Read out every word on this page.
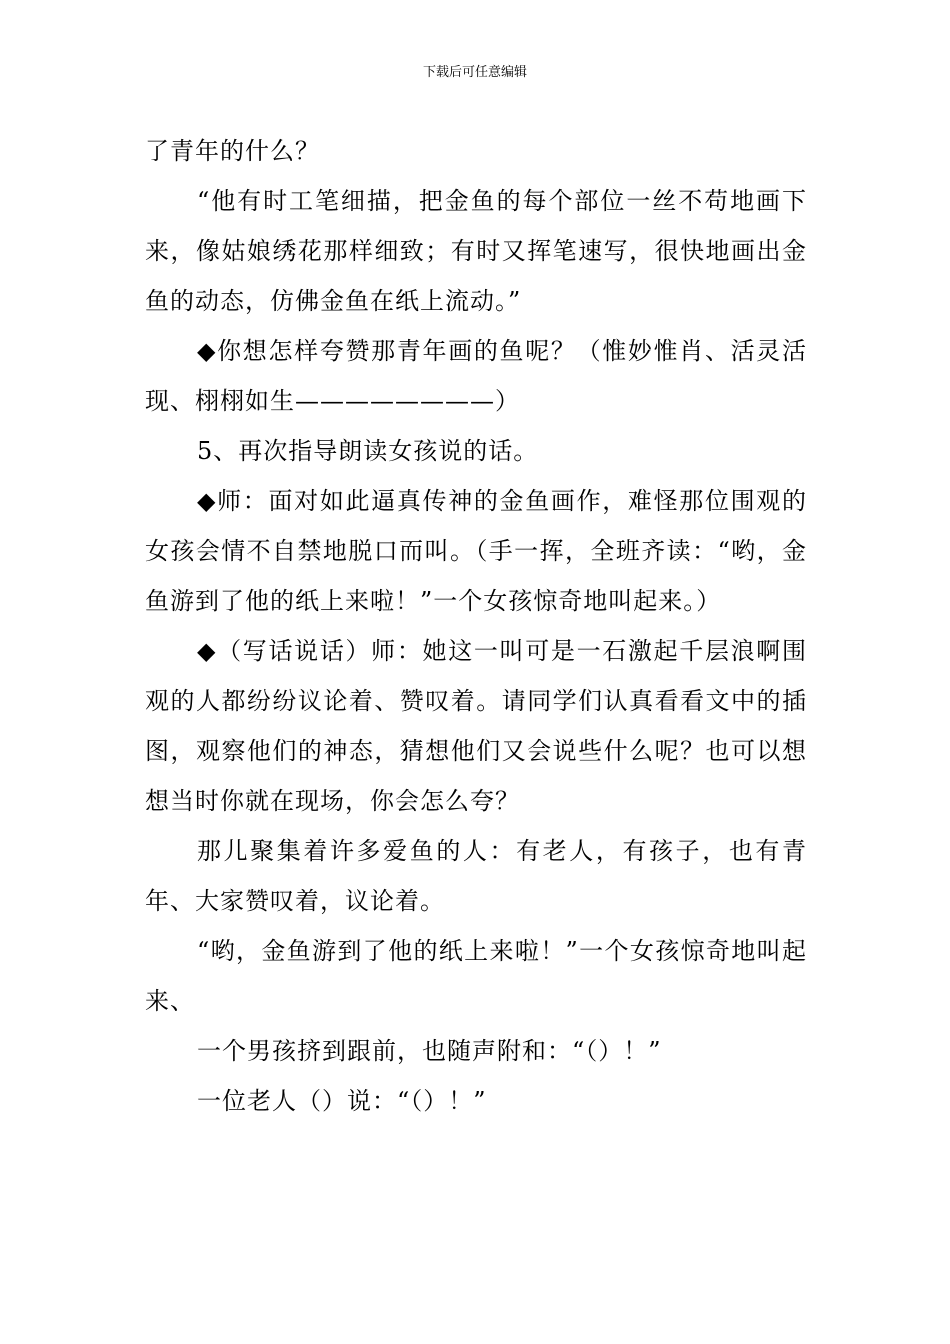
下载后可任意编辑

了青年的什么？

“他有时工笔细描，把金鱼的每个部位一丝不苟地画下来，像姑娘绣花那样细致；有时又挥笔速写，很快地画出金鱼的动态，仿佛金鱼在纸上流动。”

◆你想怎样夸赞那青年画的鱼呢？（惟妙惟肖、活灵活现、栩栩如生————————）

5、再次指导朗读女孩说的话。

◆师：面对如此逼真传神的金鱼画作，难怪那位围观的女孩会情不自禁地脱口而叫。（手一挥，全班齐读：“哟，金鱼游到了他的纸上来啦！”一个女孩惊奇地叫起来。）

◆（写话说话）师：她这一叫可是一石激起千层浪啊围观的人都纷纷议论着、赞叹着。请同学们认真看看文中的插图，观察他们的神态，猜想他们又会说些什么呢？也可以想想当时你就在现场，你会怎么夸？

那儿聚集着许多爱鱼的人：有老人，有孩子，也有青年、大家赞叹着，议论着。

“哟，金鱼游到了他的纸上来啦！”一个女孩惊奇地叫起来、

一个男孩挤到跟前，也随声附和：“（）！”

一位老人（）说：“（）！”
